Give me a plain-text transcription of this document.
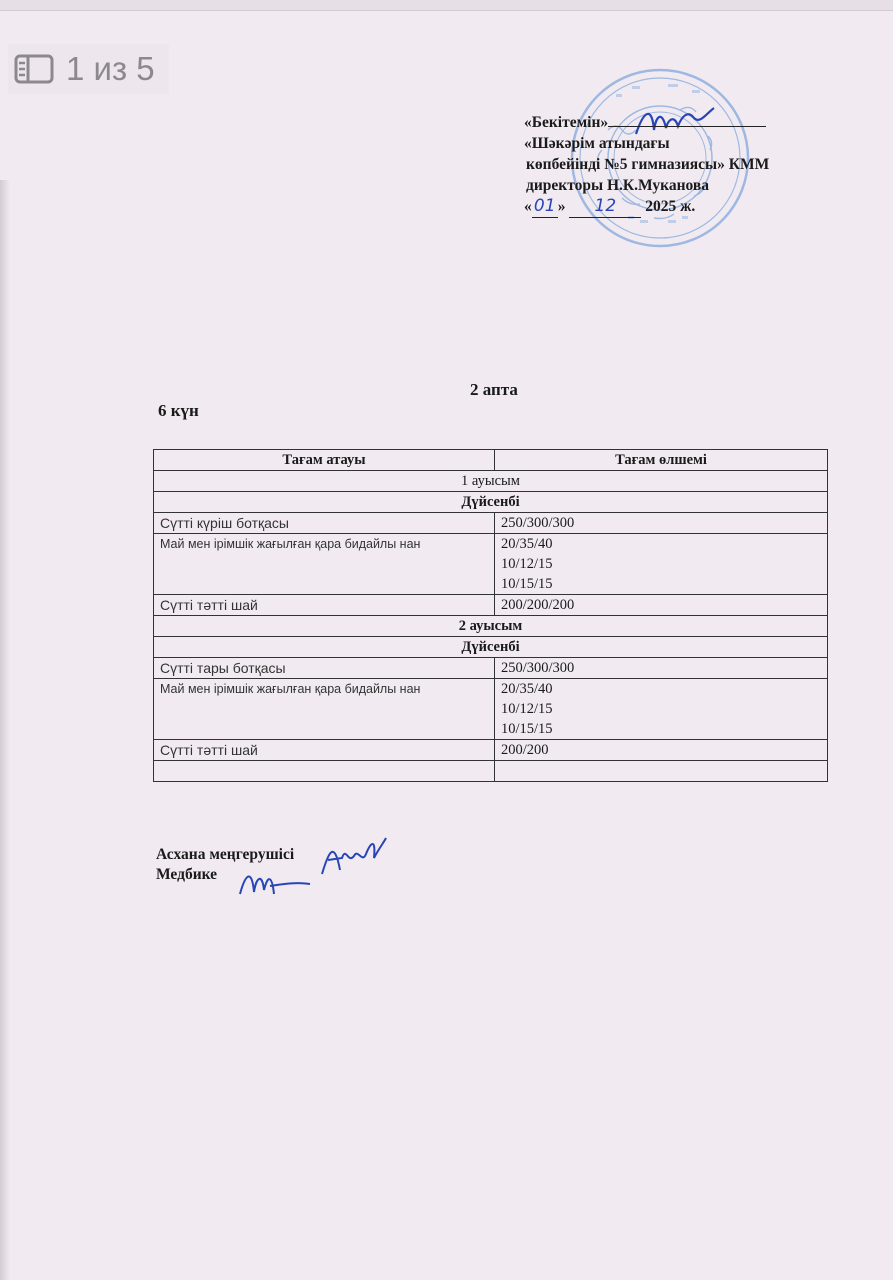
1 из 5
«Бекітемін»
«Шәкәрім атындағы
көпбейінді №5 гимназиясы» КММ
директоры Н.К.Муканова
« 01 » 12 2025 ж.
2 апта
6 күн
Тағам атауы	Тағам өлшемі
1 ауысым	
Дүйсенбі	
Сүтті күріш ботқасы	250/300/300
Май мен ірімшік жағылған қара бидайлы нан	20/35/40
10/12/15
10/15/15

Сүтті тәтті шай	200/200/200
2 ауысым	
Дүйсенбі	
Сүтті тары ботқасы	250/300/300
Май мен ірімшік жағылған қара бидайлы нан	20/35/40
10/12/15
10/15/15

Сүтті тәтті шай	200/200

Асхана меңгерушісі
Медбике
